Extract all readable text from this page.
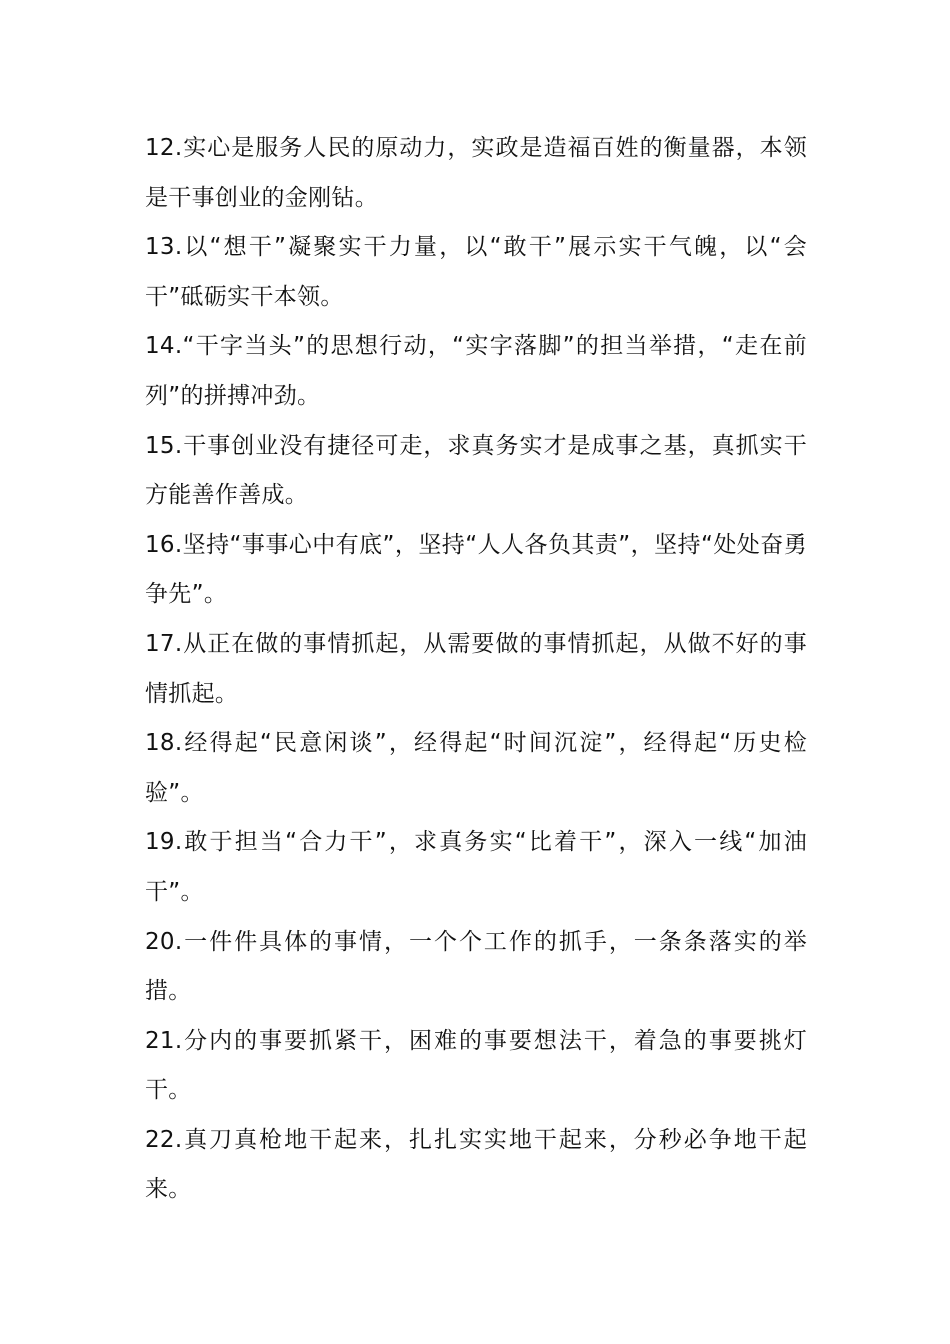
12.实心是服务人民的原动力，实政是造福百姓的衡量器，本领是干事创业的金刚钻。

13.以“想干”凝聚实干力量，以“敢干”展示实干气魄，以“会干”砥砺实干本领。

14.“干字当头”的思想行动，“实字落脚”的担当举措，“走在前列”的拼搏冲劲。

15.干事创业没有捷径可走，求真务实才是成事之基，真抓实干方能善作善成。

16.坚持“事事心中有底”，坚持“人人各负其责”，坚持“处处奋勇争先”。

17.从正在做的事情抓起，从需要做的事情抓起，从做不好的事情抓起。

18.经得起“民意闲谈”，经得起“时间沉淀”，经得起“历史检验”。

19.敢于担当“合力干”，求真务实“比着干”，深入一线“加油干”。

20.一件件具体的事情，一个个工作的抓手，一条条落实的举措。

21.分内的事要抓紧干，困难的事要想法干，着急的事要挑灯干。

22.真刀真枪地干起来，扎扎实实地干起来，分秒必争地干起来。
